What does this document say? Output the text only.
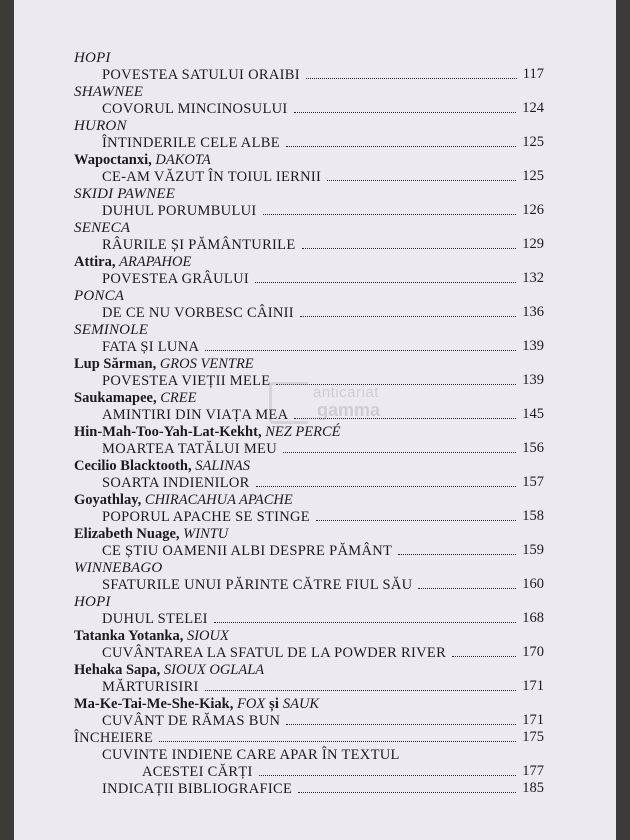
HOPI
POVESTEA SATULUI ORAIBI	117
SHAWNEE
COVORUL MINCINOSULUI	124
HURON
ÎNTINDERILE CELE ALBE	125
Wapoctanxi, DAKOTA
CE-AM VĂZUT ÎN TOIUL IERNII	125
SKIDI PAWNEE
DUHUL PORUMBULUI	126
SENECA
RÂURILE ȘI PĂMÂNTURILE	129
Attira, ARAPAHOE
POVESTEA GRÂULUI	132
PONCA
DE CE NU VORBESC CÂINII	136
SEMINOLE
FATA ȘI LUNA	139
Lup Sărman, GROS VENTRE
POVESTEA VIEȚII MELE	139
Saukamapee, CREE
AMINTIRI DIN VIAȚA MEA	145
Hin-Mah-Too-Yah-Lat-Kekht, NEZ PERCÉ
MOARTEA TATĂLUI MEU	156
Cecilio Blacktooth, SALINAS
SOARTA INDIENILOR	157
Goyathlay, CHIRACAHUA APACHE
POPORUL APACHE SE STINGE	158
Elizabeth Nuage, WINTU
CE ȘTIU OAMENII ALBI DESPRE PĂMÂNT	159
WINNEBAGO
SFATURILE UNUI PĂRINTE CĂTRE FIUL SĂU	160
HOPI
DUHUL STELEI	168
Tatanka Yotanka, SIOUX
CUVÂNTAREA LA SFATUL DE LA POWDER RIVER	170
Hehaka Sapa, SIOUX OGLALA
MĂRTURISIRI	171
Ma-Ke-Tai-Me-She-Kiak, FOX și SAUK
CUVÂNT DE RĂMAS BUN	171
ÎNCHEIERE	175
CUVINTE INDIENE CARE APAR ÎN TEXTUL
ACESTEI CĂRȚI	177
INDICAȚII BIBLIOGRAFICE	185
anticariat
gamma
